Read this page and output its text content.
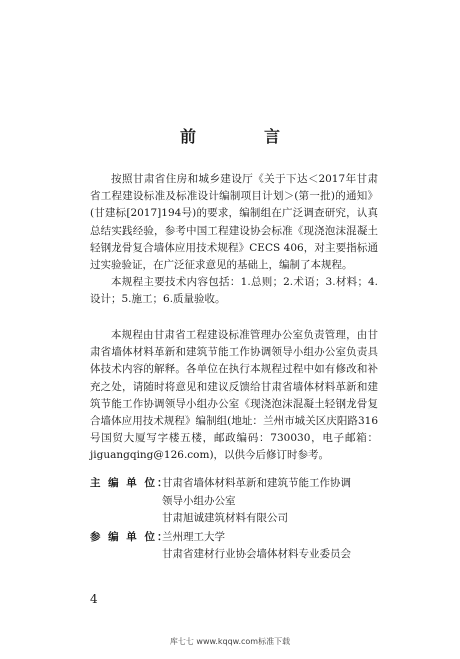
前　言

按照甘肃省住房和城乡建设厅《关于下达＜2017年甘肃省工程建设标准及标准设计编制项目计划＞(第一批)的通知》(甘建标[2017]194号)的要求，编制组在广泛调查研究，认真总结实践经验，参考中国工程建设协会标准《现浇泡沫混凝土轻钢龙骨复合墙体应用技术规程》CECS 406，对主要指标通过实验验证，在广泛征求意见的基础上，编制了本规程。

本规程主要技术内容包括：1.总则；2.术语；3.材料；4.设计；5.施工；6.质量验收。

本规程由甘肃省工程建设标准管理办公室负责管理，由甘肃省墙体材料革新和建筑节能工作协调领导小组办公室负责具体技术内容的解释。各单位在执行本规程过程中如有修改和补充之处，请随时将意见和建议反馈给甘肃省墙体材料革新和建筑节能工作协调领导小组办公室《现浇泡沫混凝土轻钢龙骨复合墙体应用技术规程》编制组(地址：兰州市城关区庆阳路316号国贸大厦写字楼五楼，邮政编码：730030，电子邮箱：jiguangqing@126.com)，以供今后修订时参考。

主 编 单 位：
甘肃省墙体材料革新和建筑节能工作协调
领导小组办公室
甘肃旭诚建筑材料有限公司
参 编 单 位：
兰州理工大学
甘肃省建材行业协会墙体材料专业委员会
4
库七七 www.kqqw.com标准下载
